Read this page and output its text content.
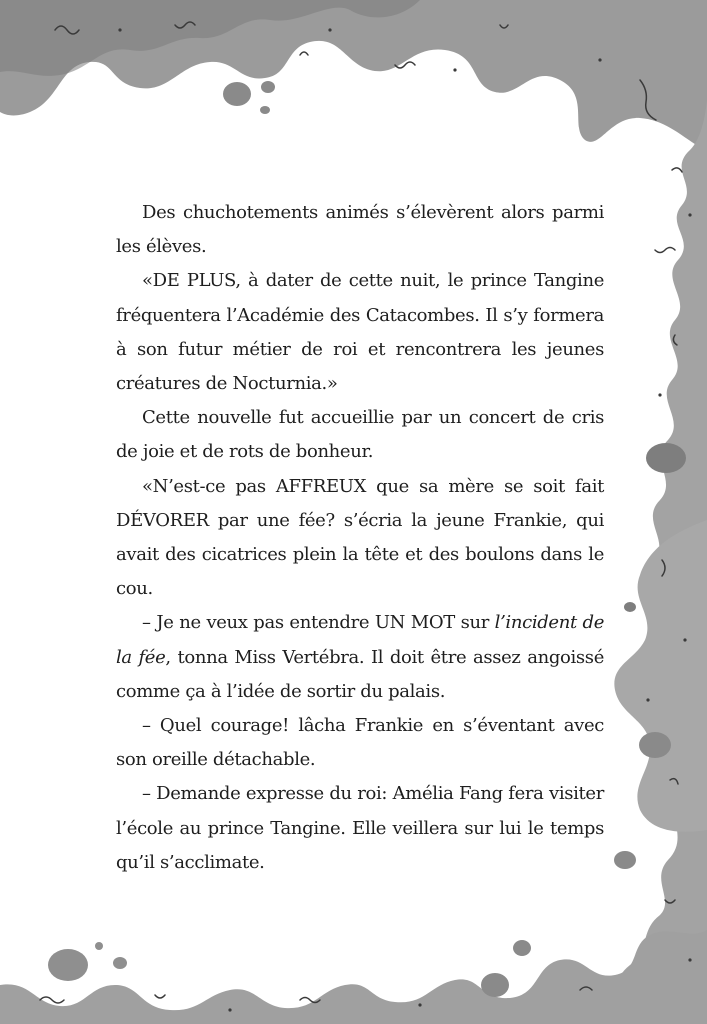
Des chuchotements animés s’élevèrent alors parmi les élèves.

«DE PLUS, à dater de cette nuit, le prince Tangine fréquentera l’Académie des Catacombes. Il s’y formera à son futur métier de roi et rencontrera les jeunes créatures de Nocturnia.»

Cette nouvelle fut accueillie par un concert de cris de joie et de rots de bonheur.

«N’est-ce pas AFFREUX que sa mère se soit fait DÉVORER par une fée? s’écria la jeune Frankie, qui avait des cicatrices plein la tête et des boulons dans le cou.

– Je ne veux pas entendre UN MOT sur l’incident de la fée, tonna Miss Vertébra. Il doit être assez angoissé comme ça à l’idée de sortir du palais.

– Quel courage! lâcha Frankie en s’éventant avec son oreille détachable.

– Demande expresse du roi: Amélia Fang fera visiter l’école au prince Tangine. Elle veillera sur lui le temps qu’il s’acclimate.
